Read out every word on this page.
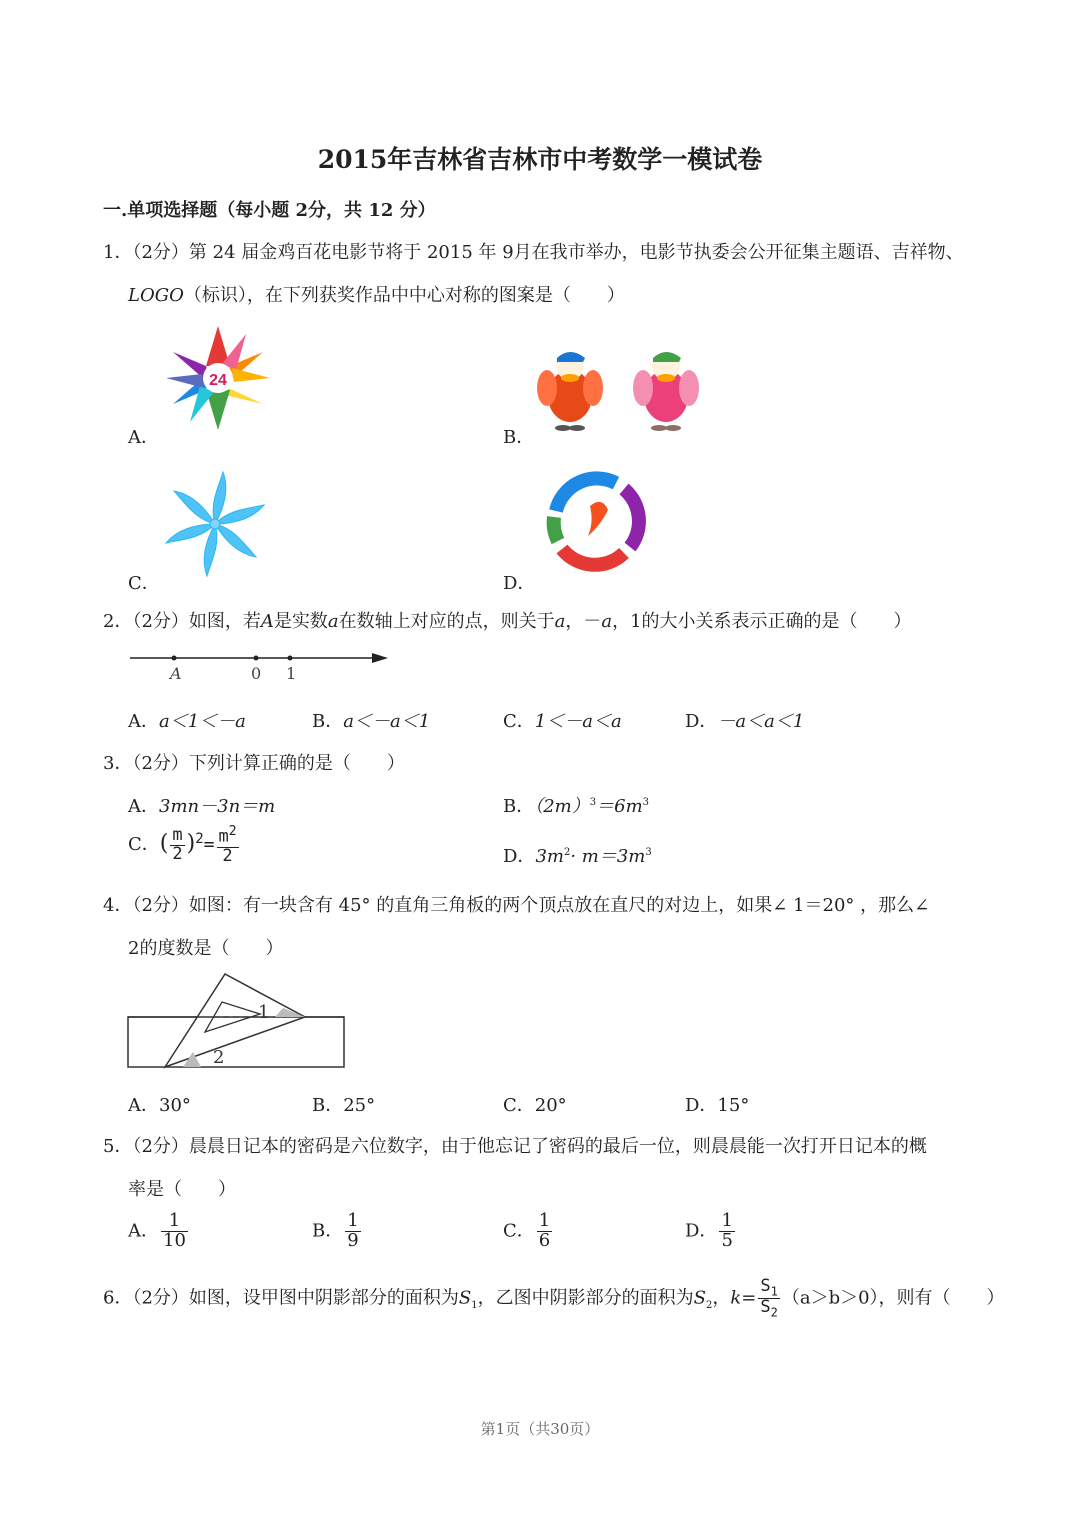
2015年吉林省吉林市中考数学一模试卷
一.单项选择题（每小题 2分，共 12 分）
1．（2分）第 24 届金鸡百花电影节将于 2015 年 9月在我市举办，电影节执委会公开征集主题语、吉祥物、
LOGO（标识），在下列获奖作品中中心对称的图案是（　　）
A．
24
B．
C．	D．
2．（2分）如图，若A是实数a在数轴上对应的点，则关于a，－a，1的大小关系表示正确的是（　　）
A	0 1
A．a＜1＜－a	B．a＜－a＜1	C．1＜－a＜a	D．－a＜a＜1
3．（2分）下列计算正确的是（　　）
A．3mn－3n＝m	B．$(2m)^3=6m^3$
C．( $\frac{m}{2} )^2= \frac{m^2}{2}$	D．$3m^2\cdot m=3m^3$
4．（2分）如图：有一块含有 45° 的直角三角板的两个顶点放在直尺的对边上，如果∠ 1＝20° ，那么∠
2的度数是（　　）
1
2
A．30°	B．25°	C．20°	D．15°
5．（2分）晨晨日记本的密码是六位数字，由于他忘记了密码的最后一位，则晨晨能一次打开日记本的概
率是（　　）
A． $\frac{1}{10}$	B． $\frac{1}{9}$	C． $\frac{1}{6}$	D． $\frac{1}{5}$
6．（2分）如图，设甲图中阴影部分的面积为$S_1$，乙图中阴影部分的面积为$S_2$，$k= \frac{S_1}{S_2} (a>b>0)$，则有（　　）
第1页（共30页）
